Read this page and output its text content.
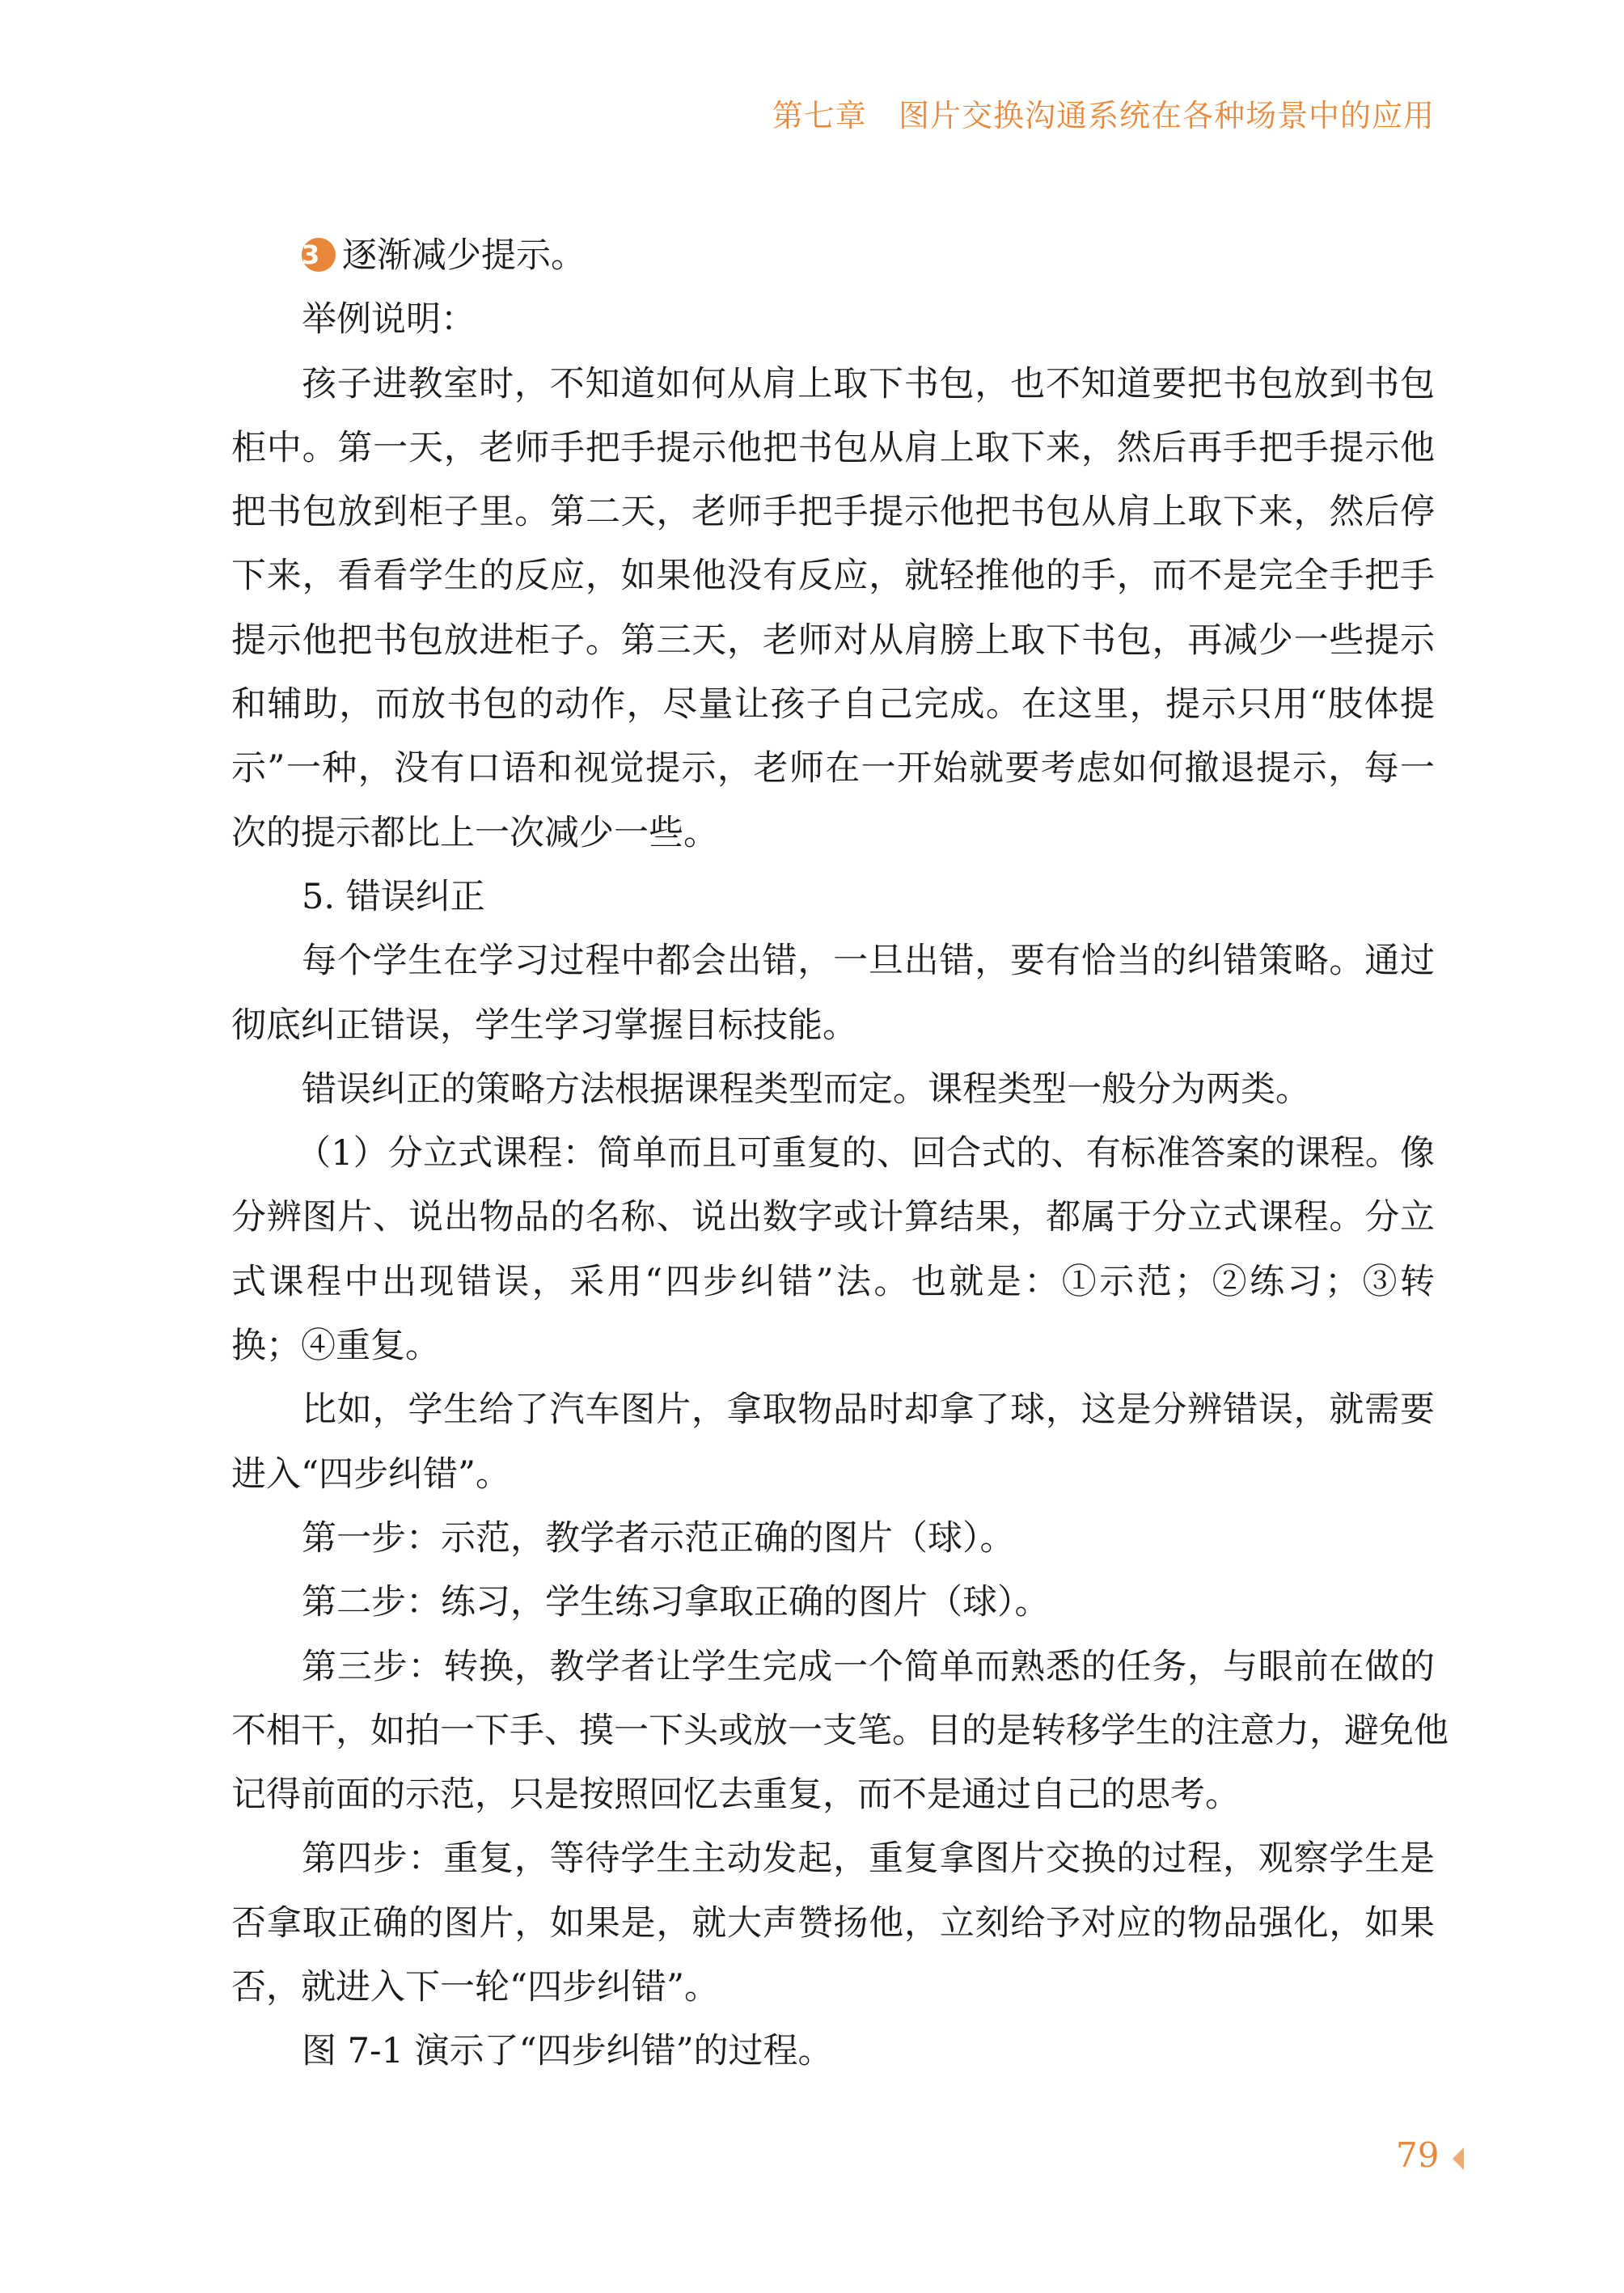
第七章 图片交换沟通系统在各种场景中的应用
3 逐渐减少提示。
举例说明：
孩子进教室时，不知道如何从肩上取下书包，也不知道要把书包放到书包
柜中。第一天，老师手把手提示他把书包从肩上取下来，然后再手把手提示他
把书包放到柜子里。第二天，老师手把手提示他把书包从肩上取下来，然后停
下来，看看学生的反应，如果他没有反应，就轻推他的手，而不是完全手把手
提示他把书包放进柜子。第三天，老师对从肩膀上取下书包，再减少一些提示
和辅助，而放书包的动作，尽量让孩子自己完成。在这里，提示只用“肢体提
示”一种，没有口语和视觉提示，老师在一开始就要考虑如何撤退提示，每一
次的提示都比上一次减少一些。
5. 错误纠正
每个学生在学习过程中都会出错，一旦出错，要有恰当的纠错策略。通过
彻底纠正错误，学生学习掌握目标技能。
错误纠正的策略方法根据课程类型而定。课程类型一般分为两类。
（1）分立式课程：简单而且可重复的、回合式的、有标准答案的课程。像
分辨图片、说出物品的名称、说出数字或计算结果，都属于分立式课程。分立
式课程中出现错误，采用“四步纠错”法。也就是：①示范；②练习；③转
换；④重复。
比如，学生给了汽车图片，拿取物品时却拿了球，这是分辨错误，就需要
进入“四步纠错”。
第一步：示范，教学者示范正确的图片（球）。
第二步：练习，学生练习拿取正确的图片（球）。
第三步：转换，教学者让学生完成一个简单而熟悉的任务，与眼前在做的
不相干，如拍一下手、摸一下头或放一支笔。目的是转移学生的注意力，避免他
记得前面的示范，只是按照回忆去重复，而不是通过自己的思考。
第四步：重复，等待学生主动发起，重复拿图片交换的过程，观察学生是
否拿取正确的图片，如果是，就大声赞扬他，立刻给予对应的物品强化，如果
否，就进入下一轮“四步纠错”。
图 7-1 演示了“四步纠错”的过程。
79
